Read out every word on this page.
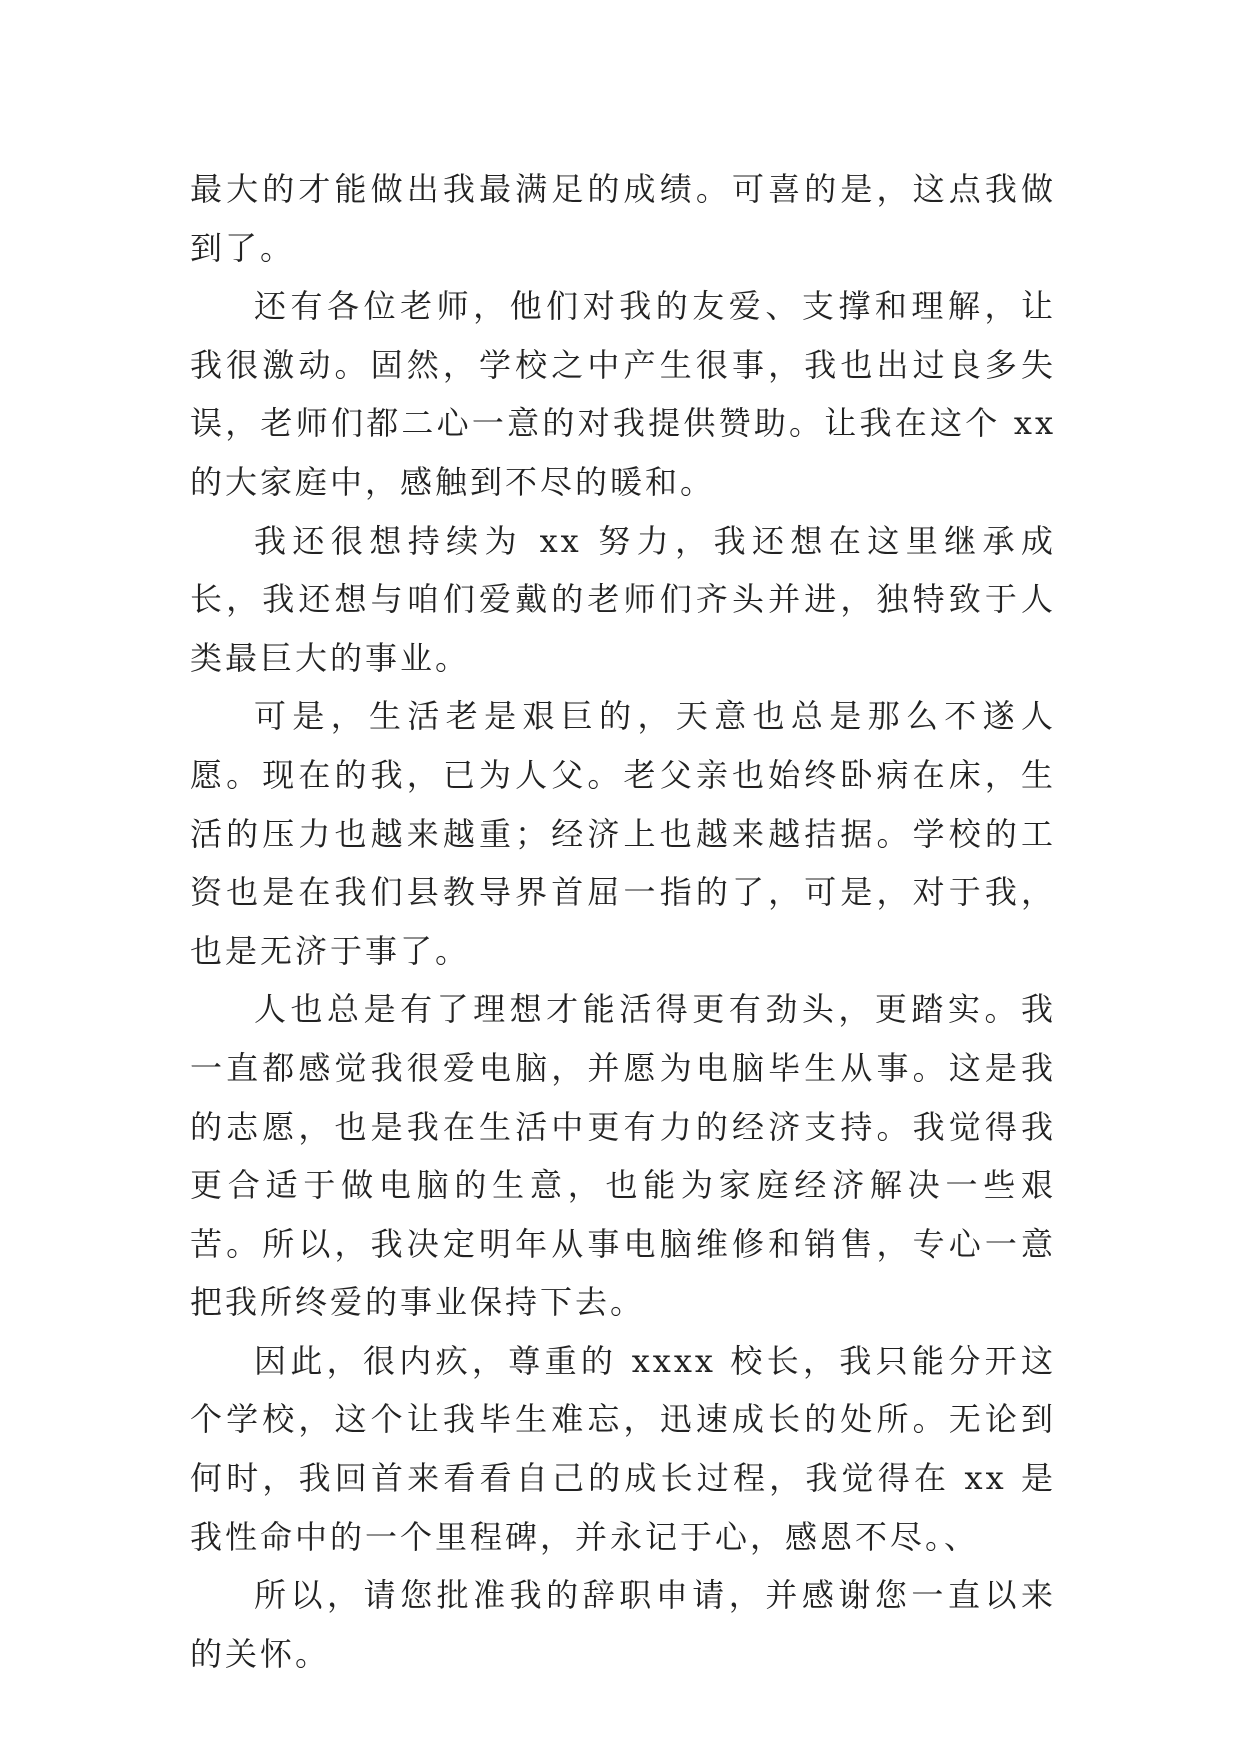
最大的才能做出我最满足的成绩。可喜的是，这点我做到了。

还有各位老师，他们对我的友爱、支撑和理解，让我很激动。固然，学校之中产生很事，我也出过良多失误，老师们都二心一意的对我提供赞助。让我在这个 xx 的大家庭中，感触到不尽的暖和。

我还很想持续为 xx 努力，我还想在这里继承成长，我还想与咱们爱戴的老师们齐头并进，独特致于人类最巨大的事业。

可是，生活老是艰巨的，天意也总是那么不遂人愿。现在的我，已为人父。老父亲也始终卧病在床，生活的压力也越来越重；经济上也越来越拮据。学校的工资也是在我们县教导界首屈一指的了，可是，对于我，也是无济于事了。

人也总是有了理想才能活得更有劲头，更踏实。我一直都感觉我很爱电脑，并愿为电脑毕生从事。这是我的志愿，也是我在生活中更有力的经济支持。我觉得我更合适于做电脑的生意，也能为家庭经济解决一些艰苦。所以，我决定明年从事电脑维修和销售，专心一意把我所终爱的事业保持下去。

因此，很内疚，尊重的 xxxx 校长，我只能分开这个学校，这个让我毕生难忘，迅速成长的处所。无论到何时，我回首来看看自己的成长过程，我觉得在 xx 是我性命中的一个里程碑，并永记于心，感恩不尽。、

所以，请您批准我的辞职申请，并感谢您一直以来的关怀。
